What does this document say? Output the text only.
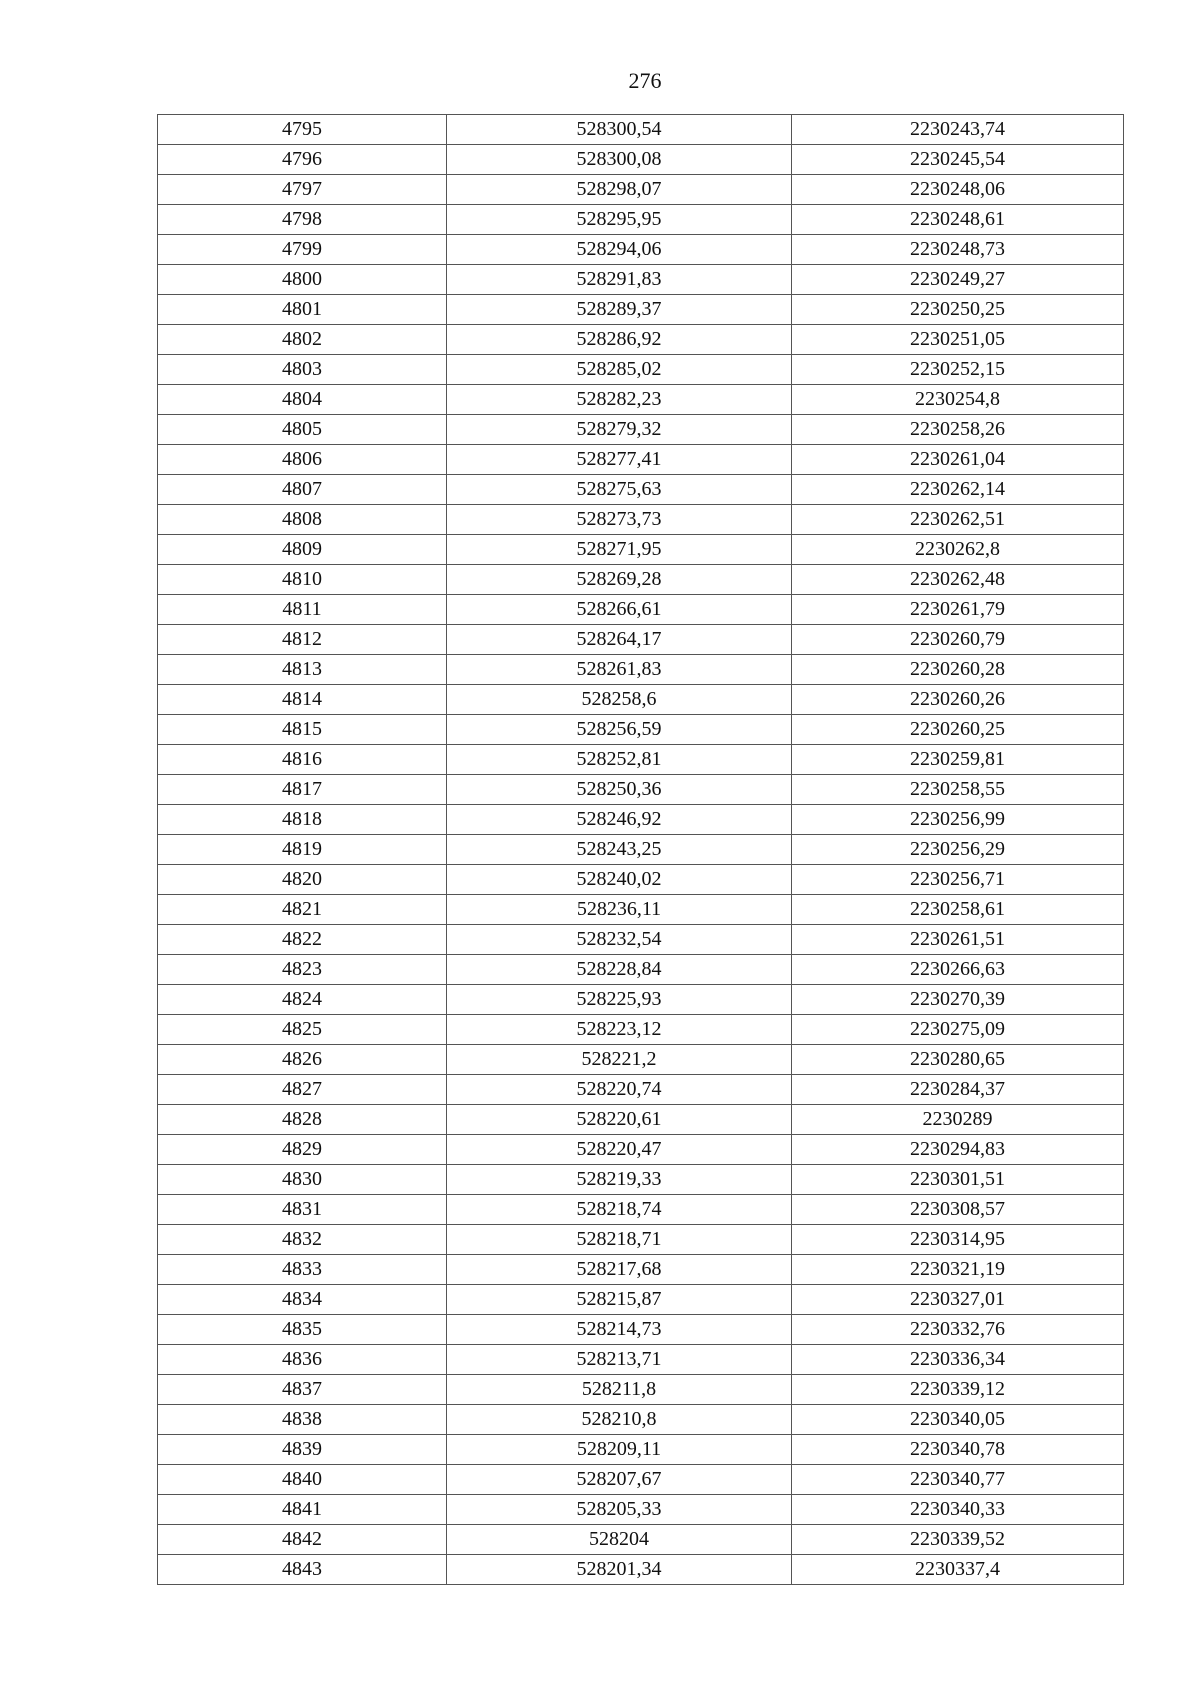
276
4795	528300,54	2230243,74
4796	528300,08	2230245,54
4797	528298,07	2230248,06
4798	528295,95	2230248,61
4799	528294,06	2230248,73
4800	528291,83	2230249,27
4801	528289,37	2230250,25
4802	528286,92	2230251,05
4803	528285,02	2230252,15
4804	528282,23	2230254,8
4805	528279,32	2230258,26
4806	528277,41	2230261,04
4807	528275,63	2230262,14
4808	528273,73	2230262,51
4809	528271,95	2230262,8
4810	528269,28	2230262,48
4811	528266,61	2230261,79
4812	528264,17	2230260,79
4813	528261,83	2230260,28
4814	528258,6	2230260,26
4815	528256,59	2230260,25
4816	528252,81	2230259,81
4817	528250,36	2230258,55
4818	528246,92	2230256,99
4819	528243,25	2230256,29
4820	528240,02	2230256,71
4821	528236,11	2230258,61
4822	528232,54	2230261,51
4823	528228,84	2230266,63
4824	528225,93	2230270,39
4825	528223,12	2230275,09
4826	528221,2	2230280,65
4827	528220,74	2230284,37
4828	528220,61	2230289
4829	528220,47	2230294,83
4830	528219,33	2230301,51
4831	528218,74	2230308,57
4832	528218,71	2230314,95
4833	528217,68	2230321,19
4834	528215,87	2230327,01
4835	528214,73	2230332,76
4836	528213,71	2230336,34
4837	528211,8	2230339,12
4838	528210,8	2230340,05
4839	528209,11	2230340,78
4840	528207,67	2230340,77
4841	528205,33	2230340,33
4842	528204	2230339,52
4843	528201,34	2230337,4
